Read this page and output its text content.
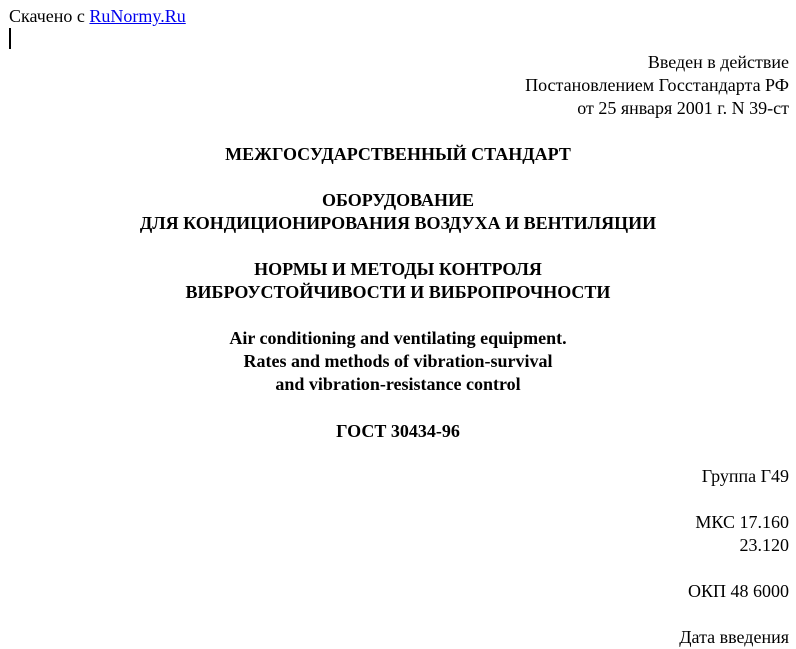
Скачено с RuNormy.Ru
Введен в действие
Постановлением Госстандарта РФ
от 25 января 2001 г. N 39-ст
МЕЖГОСУДАРСТВЕННЫЙ СТАНДАРТ
ОБОРУДОВАНИЕ
ДЛЯ КОНДИЦИОНИРОВАНИЯ ВОЗДУХА И ВЕНТИЛЯЦИИ
НОРМЫ И МЕТОДЫ КОНТРОЛЯ
ВИБРОУСТОЙЧИВОСТИ И ВИБРОПРОЧНОСТИ
Air conditioning and ventilating equipment.
Rates and methods of vibration-survival
and vibration-resistance control
ГОСТ 30434-96
Группа Г49
МКС 17.160
23.120
ОКП 48 6000
Дата введения
